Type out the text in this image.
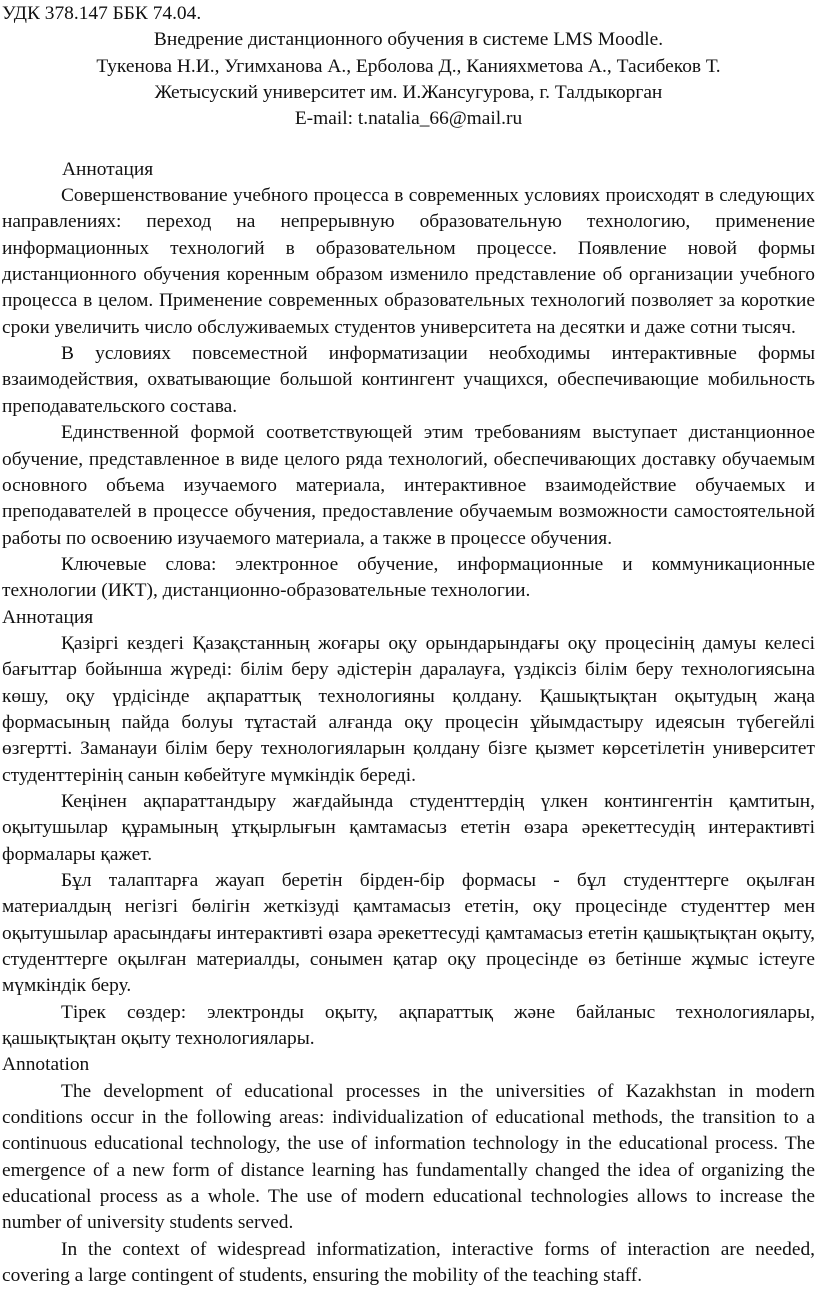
УДК 378.147 ББК 74.04.

Внедрение дистанционного обучения в системе LMS Moodle.

Тукенова Н.И., Угимханова А., Ерболова Д., Канияхметова А., Тасибеков Т.

Жетысуский университет им. И.Жансугурова, г. Талдыкорган

E-mail: t.natalia_66@mail.ru

Аннотация

Совершенствование учебного процесса в современных условиях происходят в следующих направлениях: переход на непрерывную образовательную технологию, применение информационных технологий в образовательном процессе. Появление новой формы дистанционного обучения коренным образом изменило представление об организации учебного процесса в целом. Применение современных образовательных технологий позволяет за короткие сроки увеличить число обслуживаемых студентов университета на десятки и даже сотни тысяч.

В условиях повсеместной информатизации необходимы интерактивные формы взаимодействия, охватывающие большой контингент учащихся, обеспечивающие мобильность преподавательского состава.

Единственной формой соответствующей этим требованиям выступает дистанционное обучение, представленное в виде целого ряда технологий, обеспечивающих доставку обучаемым основного объема изучаемого материала, интерактивное взаимодействие обучаемых и преподавателей в процессе обучения, предоставление обучаемым возможности самостоятельной работы по освоению изучаемого материала, а также в процессе обучения.

Ключевые слова: электронное обучение, информационные и коммуникационные технологии (ИКТ), дистанционно-образовательные технологии.

Аннотация

Қазіргі кездегі Қазақстанның жоғары оқу орындарындағы оқу процесінің дамуы келесі бағыттар бойынша жүреді: білім беру әдістерін даралауға, үздіксіз білім беру технологиясына көшу, оқу үрдісінде ақпараттық технологияны қолдану. Қашықтықтан оқытудың жаңа формасының пайда болуы тұтастай алғанда оқу процесін ұйымдастыру идеясын түбегейлі өзгертті. Заманауи білім беру технологияларын қолдану бізге қызмет көрсетілетін университет студенттерінің санын көбейтуге мүмкіндік береді.

Кеңінен ақпараттандыру жағдайында студенттердің үлкен контингентін қамтитын, оқытушылар құрамының ұтқырлығын қамтамасыз ететін өзара әрекеттесудің интерактивті формалары қажет.

Бұл талаптарға жауап беретін бірден-бір формасы - бұл студенттерге оқылған материалдың негізгі бөлігін жеткізуді қамтамасыз ететін, оқу процесінде студенттер мен оқытушылар арасындағы интерактивті өзара әрекеттесуді қамтамасыз ететін қашықтықтан оқыту, студенттерге оқылған материалды, сонымен қатар оқу процесінде өз бетінше жұмыс істеуге мүмкіндік беру.

Тірек сөздер: электронды оқыту, ақпараттық және байланыс технологиялары, қашықтықтан оқыту технологиялары.

Annotation

The development of educational processes in the universities of Kazakhstan in modern conditions occur in the following areas: individualization of educational methods, the transition to a continuous educational technology, the use of information technology in the educational process. The emergence of a new form of distance learning has fundamentally changed the idea of organizing the educational process as a whole. The use of modern educational technologies allows to increase the number of university students served.

In the context of widespread informatization, interactive forms of interaction are needed, covering a large contingent of students, ensuring the mobility of the teaching staff.
